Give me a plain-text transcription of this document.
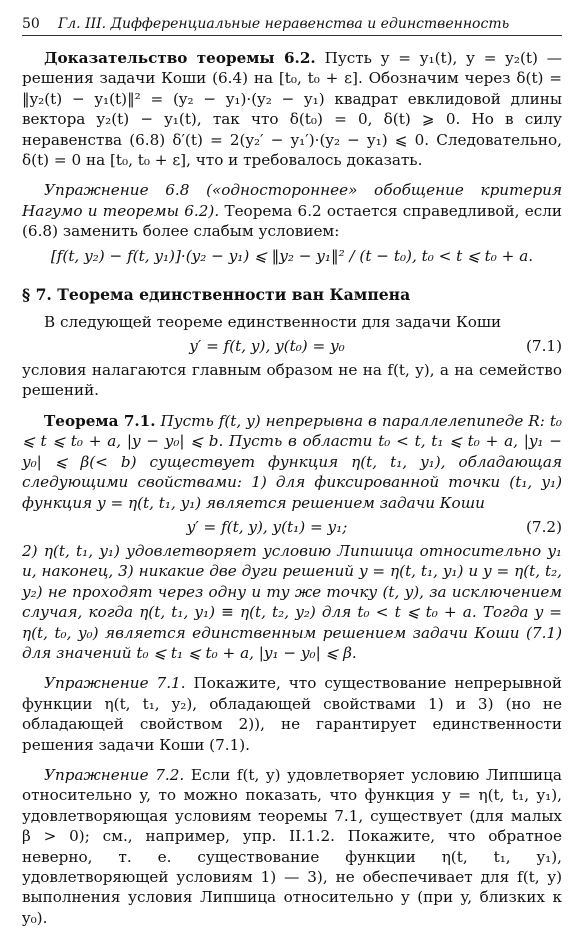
50	Гл. III. Дифференциальные неравенства и единственность

Доказательство теоремы 6.2. Пусть y = y₁(t), y = y₂(t) — решения задачи Коши (6.4) на [t₀, t₀ + ε]. Обозначим через δ(t) = ‖y₂(t) − y₁(t)‖² = (y₂ − y₁)·(y₂ − y₁) квадрат евклидовой длины вектора y₂(t) − y₁(t), так что δ(t₀) = 0, δ(t) ⩾ 0. Но в силу неравенства (6.8) δ′(t) = 2(y₂′ − y₁′)·(y₂ − y₁) ⩽ 0. Следовательно, δ(t) = 0 на [t₀, t₀ + ε], что и требовалось доказать.

Упражнение 6.8 («одностороннее» обобщение критерия Нагумо и теоремы 6.2). Теорема 6.2 остается справедливой, если (6.8) заменить более слабым условием:

[f(t, y₂) − f(t, y₁)]·(y₂ − y₁) ⩽ ‖y₂ − y₁‖² / (t − t₀), t₀ < t ⩽ t₀ + a.
§ 7. Теорема единственности ван Кампена

В следующей теореме единственности для задачи Коши

y′ = f(t, y), y(t₀) = y₀	(7.1)

условия налагаются главным образом не на f(t, y), а на семейство решений.

Теорема 7.1. Пусть f(t, y) непрерывна в параллелепипеде R: t₀ ⩽ t ⩽ t₀ + a, |y − y₀| ⩽ b. Пусть в области t₀ < t, t₁ ⩽ t₀ + a, |y₁ − y₀| ⩽ β(< b) существует функция η(t, t₁, y₁), обладающая следующими свойствами: 1) для фиксированной точки (t₁, y₁) функция y = η(t, t₁, y₁) является решением задачи Коши

y′ = f(t, y), y(t₁) = y₁;	(7.2)

2) η(t, t₁, y₁) удовлетворяет условию Липшица относительно y₁ и, наконец, 3) никакие две дуги решений y = η(t, t₁, y₁) и y = η(t, t₂, y₂) не проходят через одну и ту же точку (t, y), за исключением случая, когда η(t, t₁, y₁) ≡ η(t, t₂, y₂) для t₀ < t ⩽ t₀ + a. Тогда y = η(t, t₀, y₀) является единственным решением задачи Коши (7.1) для значений t₀ ⩽ t₁ ⩽ t₀ + a, |y₁ − y₀| ⩽ β.

Упражнение 7.1. Покажите, что существование непрерывной функции η(t, t₁, y₂), обладающей свойствами 1) и 3) (но не обладающей свойством 2)), не гарантирует единственности решения задачи Коши (7.1).

Упражнение 7.2. Если f(t, y) удовлетворяет условию Липшица относительно y, то можно показать, что функция y = η(t, t₁, y₁), удовлетворяющая условиям теоремы 7.1, существует (для малых β > 0); см., например, упр. II.1.2. Покажите, что обратное неверно, т. е. существование функции η(t, t₁, y₁), удовлетворяющей условиям 1) — 3), не обеспечивает для f(t, y) выполнения условия Липшица относительно y (при y, близких к y₀).
